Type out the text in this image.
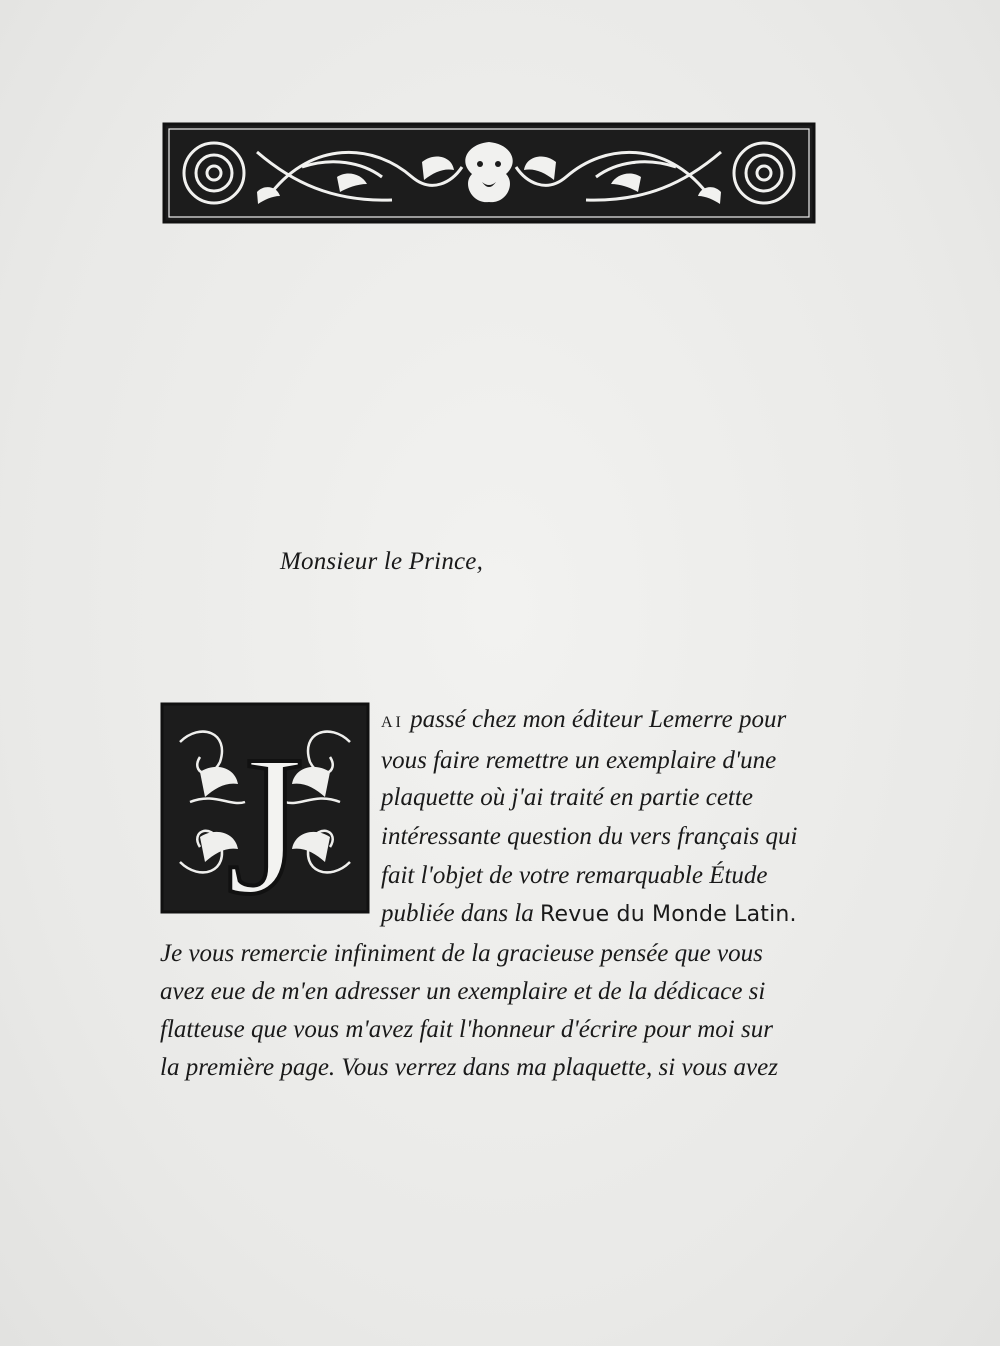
Monsieur le Prince,
J	AI passé chez mon éditeur Lemerre pour
vous faire remettre un exemplaire d'une
plaquette où j'ai traité en partie cette
intéressante question du vers français qui
fait l'objet de votre remarquable Étude
publiée dans la Revue du Monde Latin.
Je vous remercie infiniment de la gracieuse pensée que vous
avez eue de m'en adresser un exemplaire et de la dédicace si
flatteuse que vous m'avez fait l'honneur d'écrire pour moi sur
la première page. Vous verrez dans ma plaquette, si vous avez
